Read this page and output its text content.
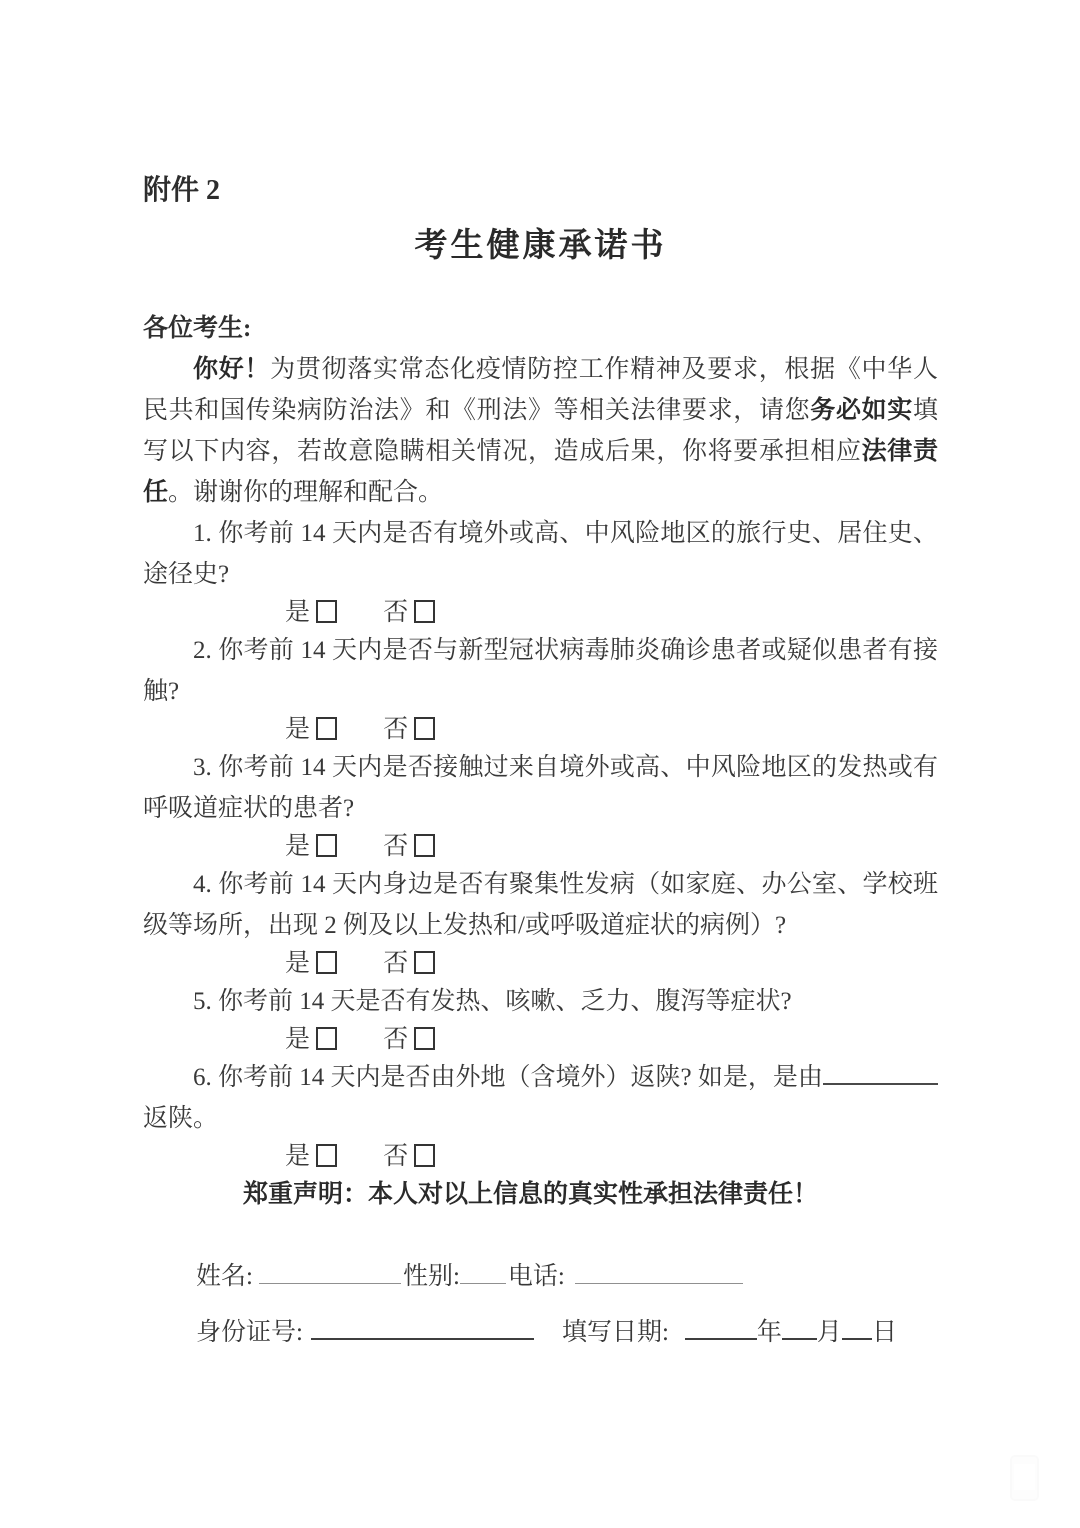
附件 2
考生健康承诺书
各位考生:

你好！为贯彻落实常态化疫情防控工作精神及要求，根据《中华人民共和国传染病防治法》和《刑法》等相关法律要求，请您务必如实填写以下内容，若故意隐瞒相关情况，造成后果，你将要承担相应法律责任。谢谢你的理解和配合。

1. 你考前 14 天内是否有境外或高、中风险地区的旅行史、居住史、途径史?

是	否

2. 你考前 14 天内是否与新型冠状病毒肺炎确诊患者或疑似患者有接触?

是	否

3. 你考前 14 天内是否接触过来自境外或高、中风险地区的发热或有呼吸道症状的患者?

是	否

4. 你考前 14 天内身边是否有聚集性发病（如家庭、办公室、学校班级等场所，出现 2 例及以上发热和/或呼吸道症状的病例）?

是	否

5. 你考前 14 天是否有发热、咳嗽、乏力、腹泻等症状?

是	否
6. 你考前 14 天内是否由外地（含境外）返陕? 如是，是由

返陕。

是	否
郑重声明：本人对以上信息的真实性承担法律责任！
姓名:	性别: 电话:
身份证号:	填写日期:	年 月 日
